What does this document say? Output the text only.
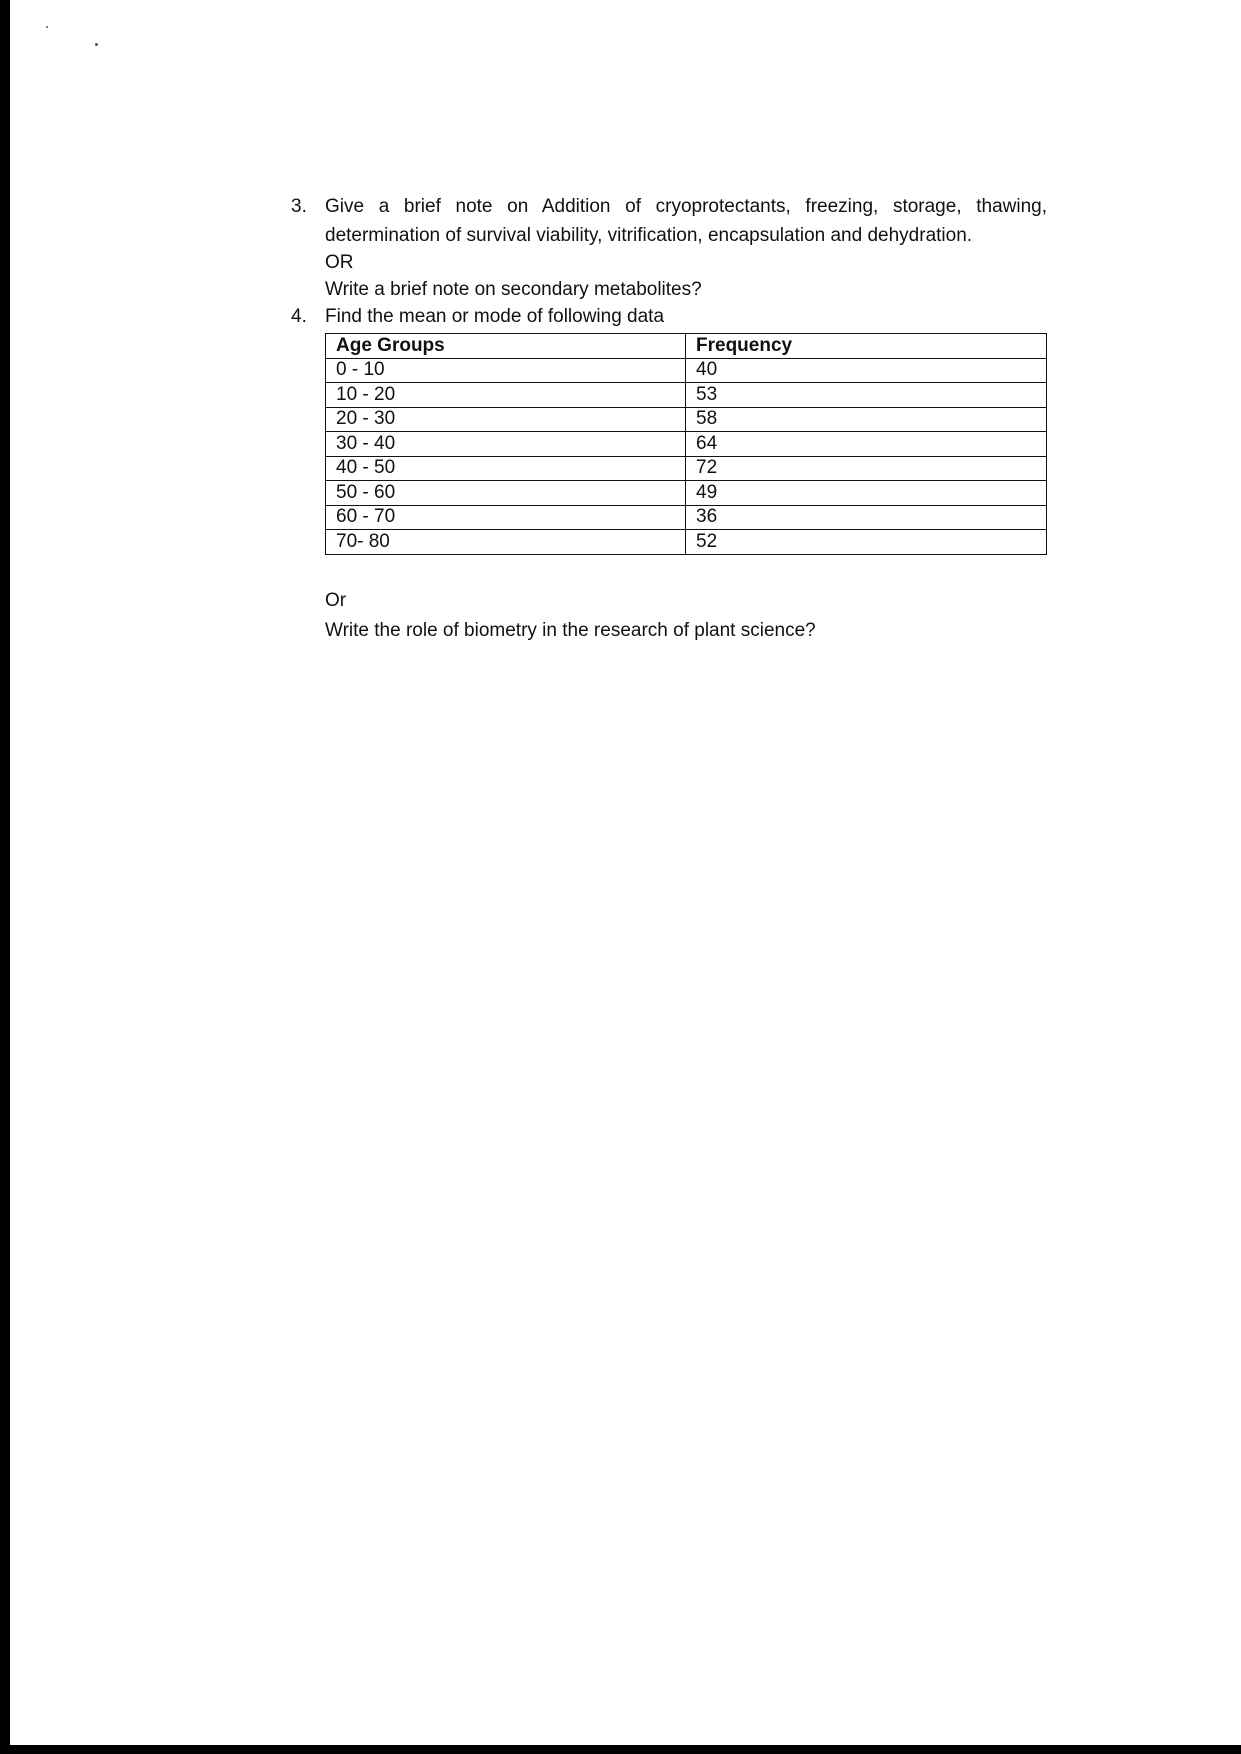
3. Give a brief note on Addition of cryoprotectants, freezing, storage, thawing, determination of survival viability, vitrification, encapsulation and dehydration.
OR
Write a brief note on secondary metabolites?
4. Find the mean or mode of following data
Age Groups	Frequency
0 - 10	40
10 - 20	53
20 - 30	58
30 - 40	64
40 - 50	72
50 - 60	49
60 - 70	36
70- 80	52
Or
Write the role of biometry in the research of plant science?
